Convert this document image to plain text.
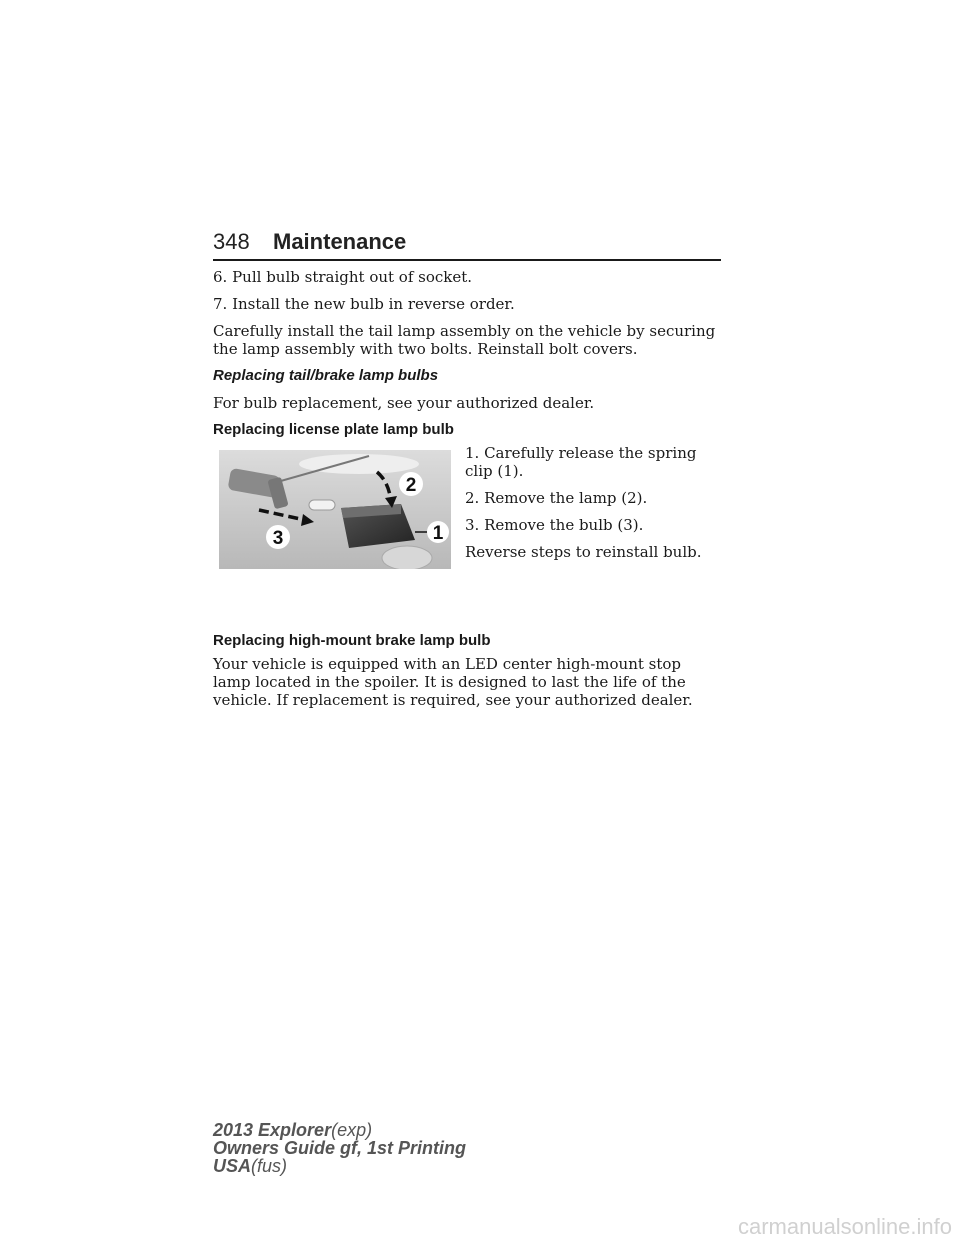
348 Maintenance

6. Pull bulb straight out of socket.

7. Install the new bulb in reverse order.

Carefully install the tail lamp assembly on the vehicle by securing the lamp assembly with two bolts. Reinstall bolt covers.

Replacing tail/brake lamp bulbs

For bulb replacement, see your authorized dealer.

Replacing license plate lamp bulb

2
1
3

1. Carefully release the spring clip (1).

2. Remove the lamp (2).

3. Remove the bulb (3).

Reverse steps to reinstall bulb.

Replacing high-mount brake lamp bulb

Your vehicle is equipped with an LED center high-mount stop lamp located in the spoiler. It is designed to last the life of the vehicle. If replacement is required, see your authorized dealer.

2013 Explorer(exp)
Owners Guide gf, 1st Printing
USA(fus)
carmanualsonline.info
